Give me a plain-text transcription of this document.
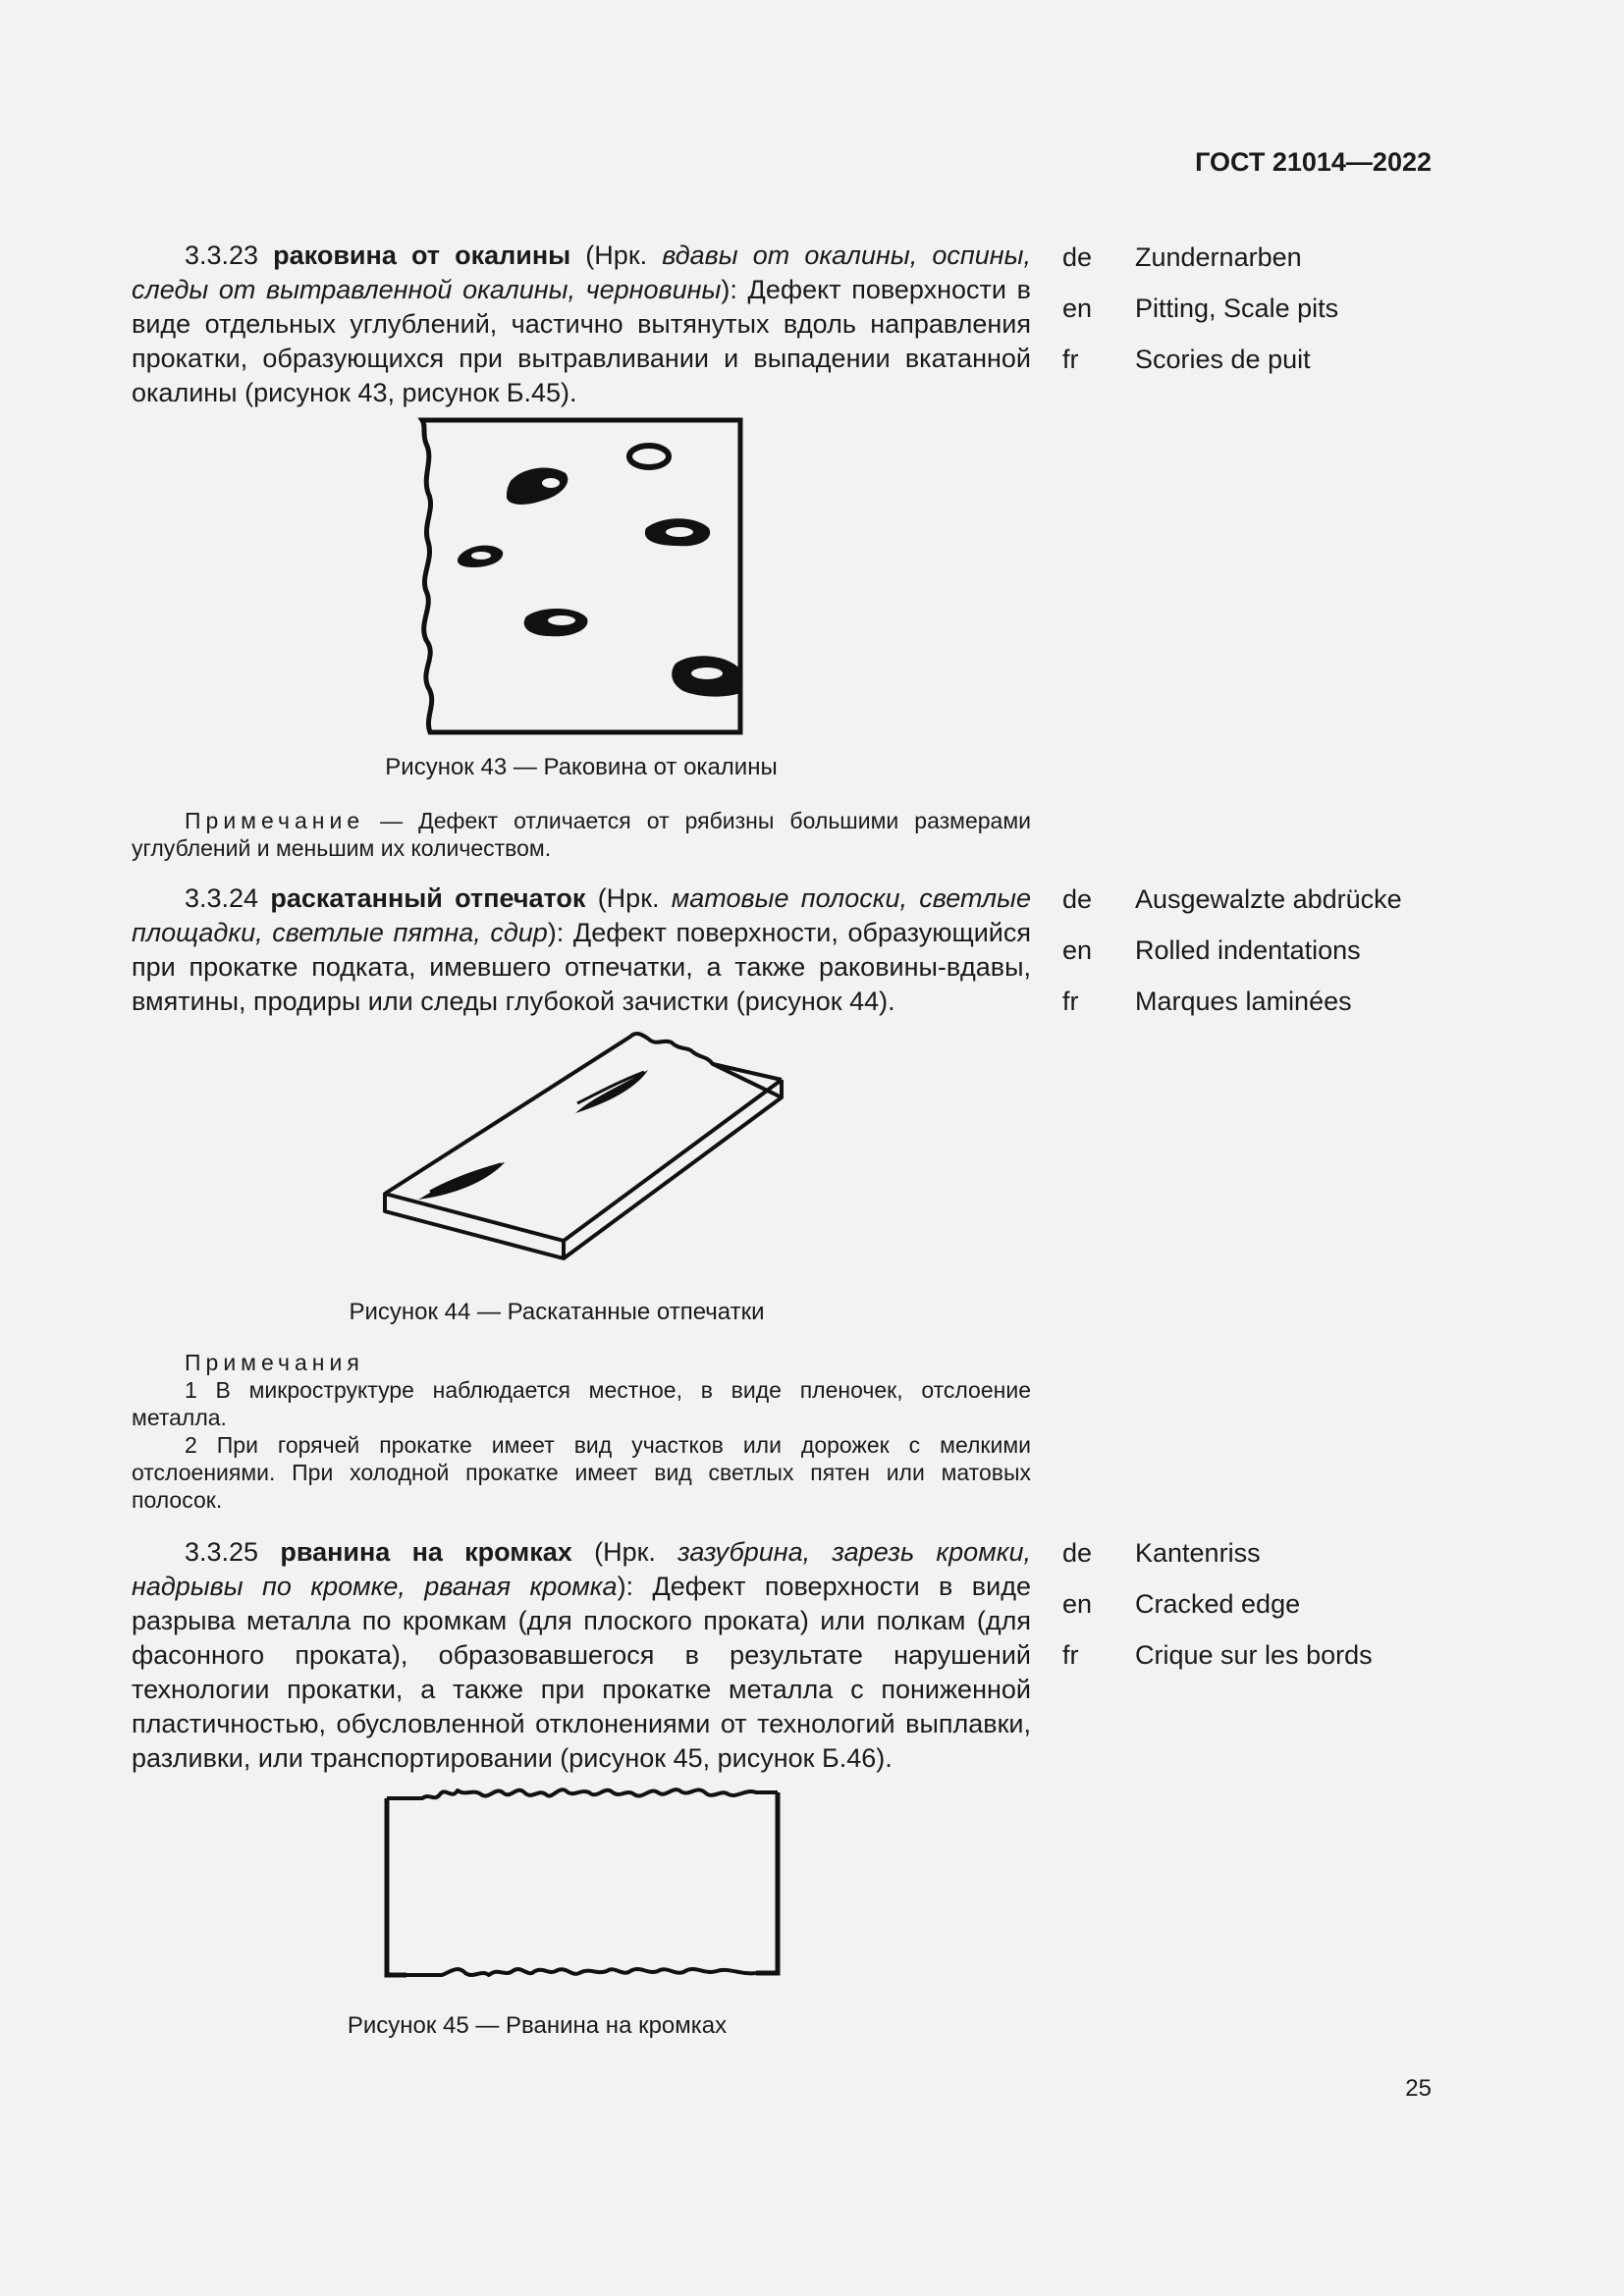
ГОСТ 21014—2022

3.3.23 раковина от окалины (Нрк. вдавы от окалины, оспины, следы от вытравленной окалины, черновины): Дефект поверхности в виде отдельных углублений, частично вытянутых вдоль направления прокатки, образующихся при вытравливании и выпадении вкатанной окалины (рисунок 43, рисунок Б.45).

de	Zundernarben
en	Pitting, Scale pits
fr	Scories de puit
Рисунок 43 — Раковина от окалины

Примечание — Дефект отличается от рябизны большими размерами углублений и меньшим их количеством.

3.3.24 раскатанный отпечаток (Нрк. матовые полоски, светлые площадки, светлые пятна, сдир): Дефект поверхности, образующийся при прокатке подката, имевшего отпечатки, а также раковины-вдавы, вмятины, продиры или следы глубокой зачистки (рисунок 44).

de	Ausgewalzte abdrücke
en	Rolled indentations
fr	Marques laminées
Рисунок 44 — Раскатанные отпечатки
Примечания
1 В микроструктуре наблюдается местное, в виде пленочек, отслоение металла.
2 При горячей прокатке имеет вид участков или дорожек с мелкими отслоениями. При холодной прокатке имеет вид светлых пятен или матовых полосок.

3.3.25 рванина на кромках (Нрк. зазубрина, зарезь кромки, надрывы по кромке, рваная кромка): Дефект поверхности в виде разрыва металла по кромкам (для плоского проката) или полкам (для фасонного проката), образовавшегося в результате нарушений технологии прокатки, а также при прокатке металла с пониженной пластичностью, обусловленной отклонениями от технологий выплавки, разливки, или транспортировании (рисунок 45, рисунок Б.46).

de	Kantenriss
en	Cracked edge
fr	Crique sur les bords
Рисунок 45 — Рванина на кромках
25
